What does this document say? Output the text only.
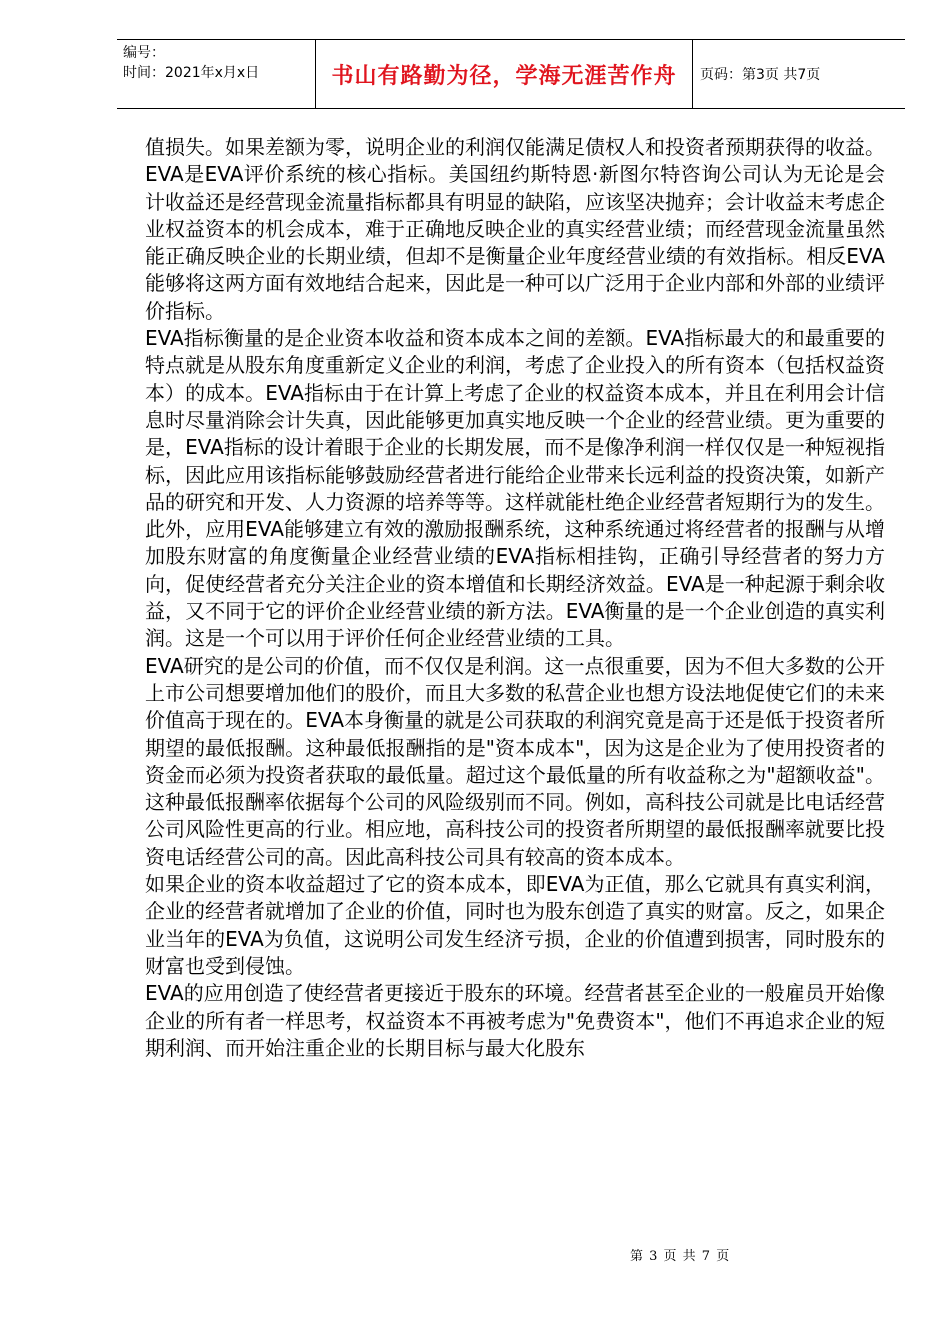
编号：
时间：2021年x月x日	书山有路勤为径，学海无涯苦作舟	页码：第3页 共7页

值损失。如果差额为零，说明企业的利润仅能满足债权人和投资者预期获得的收益。

EVA是EVA评价系统的核心指标。美国纽约斯特恩·新图尔特咨询公司认为无论是会计收益还是经营现金流量指标都具有明显的缺陷，应该坚决抛弃；会计收益末考虑企业权益资本的机会成本，难于正确地反映企业的真实经营业绩；而经营现金流量虽然能正确反映企业的长期业绩，但却不是衡量企业年度经营业绩的有效指标。相反EVA能够将这两方面有效地结合起来，因此是一种可以广泛用于企业内部和外部的业绩评价指标。

EVA指标衡量的是企业资本收益和资本成本之间的差额。EVA指标最大的和最重要的特点就是从股东角度重新定义企业的利润，考虑了企业投入的所有资本（包括权益资本）的成本。EVA指标由于在计算上考虑了企业的权益资本成本，并且在利用会计信息时尽量消除会计失真，因此能够更加真实地反映一个企业的经营业绩。更为重要的是，EVA指标的设计着眼于企业的长期发展，而不是像净利润一样仅仅是一种短视指标，因此应用该指标能够鼓励经营者进行能给企业带来长远利益的投资决策，如新产品的研究和开发、人力资源的培养等等。这样就能杜绝企业经营者短期行为的发生。此外，应用EVA能够建立有效的激励报酬系统，这种系统通过将经营者的报酬与从增加股东财富的角度衡量企业经营业绩的EVA指标相挂钩，正确引导经营者的努力方向，促使经营者充分关注企业的资本增值和长期经济效益。EVA是一种起源于剩余收益，又不同于它的评价企业经营业绩的新方法。EVA衡量的是一个企业创造的真实利润。这是一个可以用于评价任何企业经营业绩的工具。

EVA研究的是公司的价值，而不仅仅是利润。这一点很重要，因为不但大多数的公开上市公司想要增加他们的股价，而且大多数的私营企业也想方设法地促使它们的未来价值高于现在的。EVA本身衡量的就是公司获取的利润究竟是高于还是低于投资者所期望的最低报酬。这种最低报酬指的是"资本成本"，因为这是企业为了使用投资者的资金而必须为投资者获取的最低量。超过这个最低量的所有收益称之为"超额收益"。这种最低报酬率依据每个公司的风险级别而不同。例如，高科技公司就是比电话经营公司风险性更高的行业。相应地，高科技公司的投资者所期望的最低报酬率就要比投资电话经营公司的高。因此高科技公司具有较高的资本成本。

如果企业的资本收益超过了它的资本成本，即EVA为正值，那么它就具有真实利润，企业的经营者就增加了企业的价值，同时也为股东创造了真实的财富。反之，如果企业当年的EVA为负值，这说明公司发生经济亏损，企业的价值遭到损害，同时股东的财富也受到侵蚀。

EVA的应用创造了使经营者更接近于股东的环境。经营者甚至企业的一般雇员开始像企业的所有者一样思考，权益资本不再被考虑为"免费资本"，他们不再追求企业的短期利润、而开始注重企业的长期目标与最大化股东

第 3 页 共 7 页
